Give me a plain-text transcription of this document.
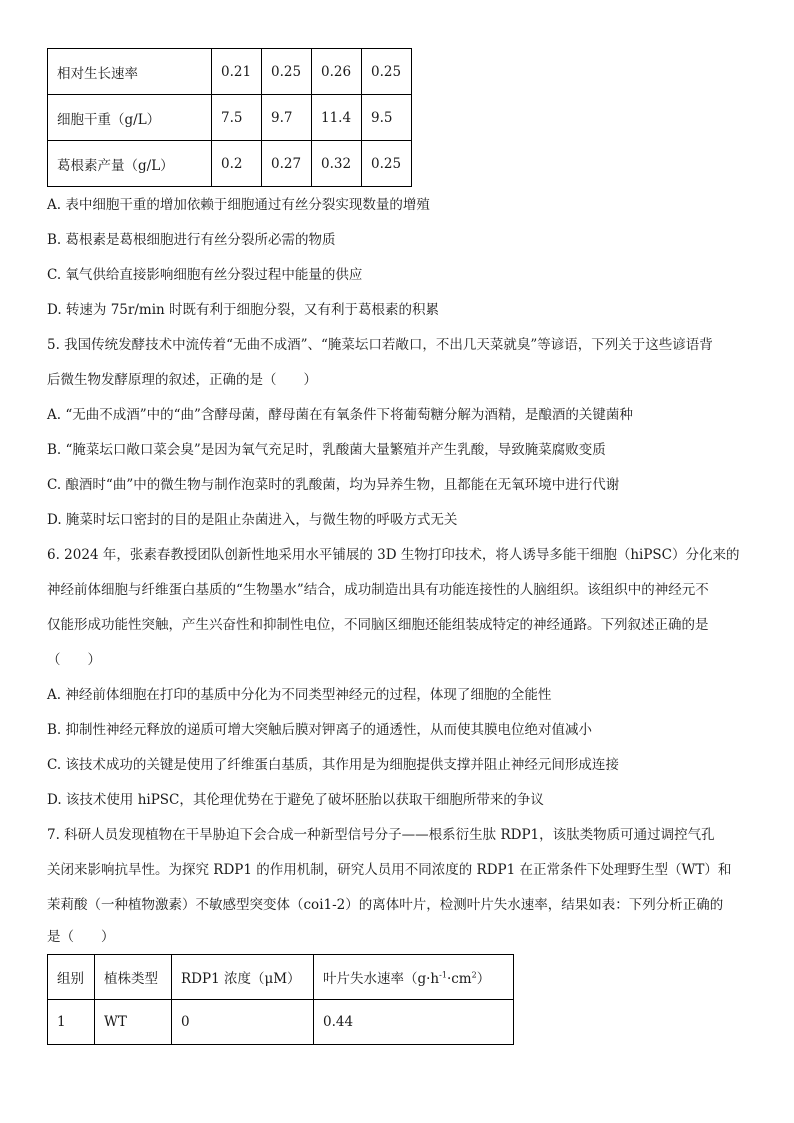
相对生长速率	0.21	0.25	0.26	0.25
细胞干重（g/L）	7.5	9.7	11.4	9.5
葛根素产量（g/L）	0.2	0.27	0.32	0.25
A. 表中细胞干重的增加依赖于细胞通过有丝分裂实现数量的增殖
B. 葛根素是葛根细胞进行有丝分裂所必需的物质
C. 氧气供给直接影响细胞有丝分裂过程中能量的供应
D. 转速为 75r/min 时既有利于细胞分裂，又有利于葛根素的积累
5. 我国传统发酵技术中流传着“无曲不成酒”、“腌菜坛口若敞口，不出几天菜就臭”等谚语，下列关于这些谚语背
后微生物发酵原理的叙述，正确的是（　　）
A. “无曲不成酒”中的“曲”含酵母菌，酵母菌在有氧条件下将葡萄糖分解为酒精，是酿酒的关键菌种
B. “腌菜坛口敞口菜会臭”是因为氧气充足时，乳酸菌大量繁殖并产生乳酸，导致腌菜腐败变质
C. 酿酒时“曲”中的微生物与制作泡菜时的乳酸菌，均为异养生物，且都能在无氧环境中进行代谢
D. 腌菜时坛口密封的目的是阻止杂菌进入，与微生物的呼吸方式无关
6. 2024 年，张素春教授团队创新性地采用水平铺展的 3D 生物打印技术，将人诱导多能干细胞（hiPSC）分化来的
神经前体细胞与纤维蛋白基质的“生物墨水”结合，成功制造出具有功能连接性的人脑组织。该组织中的神经元不
仅能形成功能性突触，产生兴奋性和抑制性电位，不同脑区细胞还能组装成特定的神经通路。下列叙述正确的是
（　　）
A. 神经前体细胞在打印的基质中分化为不同类型神经元的过程，体现了细胞的全能性
B. 抑制性神经元释放的递质可增大突触后膜对钾离子的通透性，从而使其膜电位绝对值减小
C. 该技术成功的关键是使用了纤维蛋白基质，其作用是为细胞提供支撑并阻止神经元间形成连接
D. 该技术使用 hiPSC，其伦理优势在于避免了破坏胚胎以获取干细胞所带来的争议
7. 科研人员发现植物在干旱胁迫下会合成一种新型信号分子——根系衍生肽 RDP1，该肽类物质可通过调控气孔
关闭来影响抗旱性。为探究 RDP1 的作用机制，研究人员用不同浓度的 RDP1 在正常条件下处理野生型（WT）和
茉莉酸（一种植物激素）不敏感型突变体（coi1-2）的离体叶片，检测叶片失水速率，结果如表：下列分析正确的
是（　　）
组别	植株类型	RDP1 浓度（μM）	叶片失水速率$(g\cdot h^{-1}\cdot cm^2)$
1	WT	0	0.44
